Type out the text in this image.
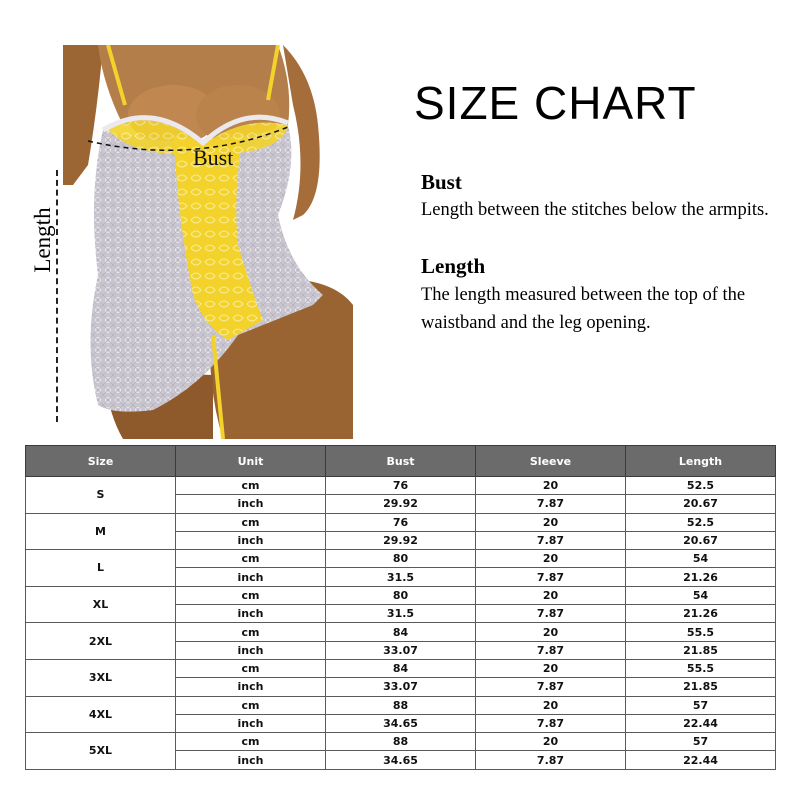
Bust
Length
SIZE CHART
Bust
Length between the stitches below the armpits.
Length
The length measured between the top of the waistband and the leg opening.
Size	Unit	Bust	Sleeve	Length
S	cm	76	20	52.5
	inch	29.92	7.87	20.67
M	cm	76	20	52.5
	inch	29.92	7.87	20.67
L	cm	80	20	54
	inch	31.5	7.87	21.26
XL	cm	80	20	54
	inch	31.5	7.87	21.26
2XL	cm	84	20	55.5
	inch	33.07	7.87	21.85
3XL	cm	84	20	55.5
	inch	33.07	7.87	21.85
4XL	cm	88	20	57
	inch	34.65	7.87	22.44
5XL	cm	88	20	57
	inch	34.65	7.87	22.44
